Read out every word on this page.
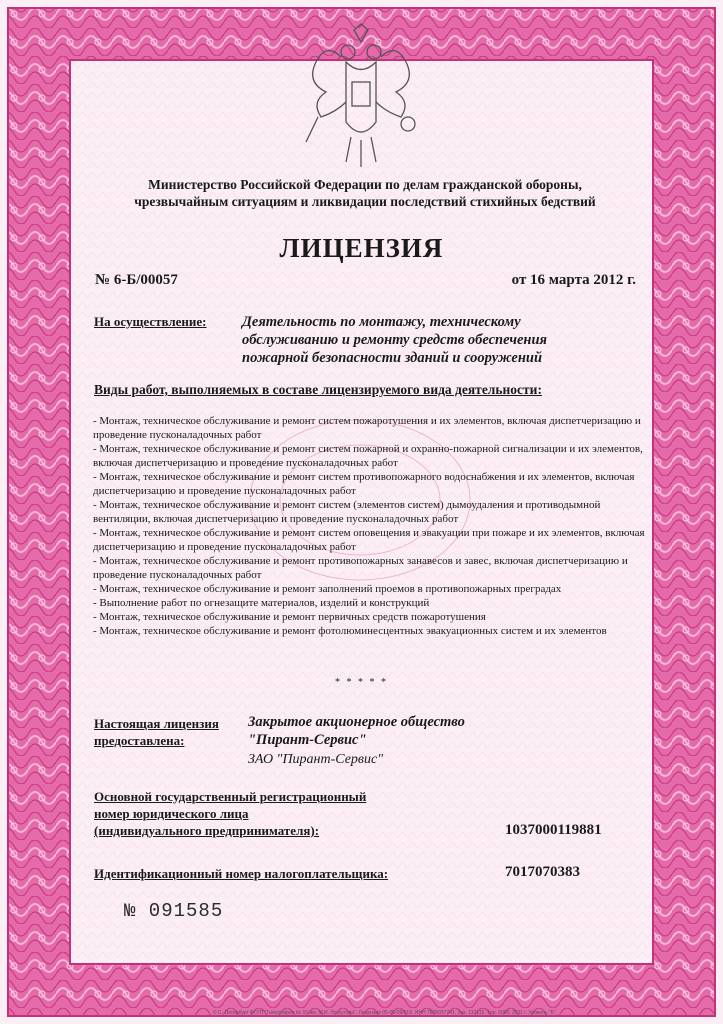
Министерство Российской Федерации по делам гражданской обороны,
чрезвычайным ситуациям и ликвидации последствий стихийных бедствий
ЛИЦЕНЗИЯ
№ 6-Б/00057	от 16 марта 2012 г.
На осуществление: Деятельность по монтажу, техническому
обслуживанию и ремонту средств обеспечения
пожарной безопасности зданий и сооружений
Виды работ, выполняемых в составе лицензируемого вида деятельности:
- Монтаж, техническое обслуживание и ремонт систем пожаротушения и их элементов, включая диспетчеризацию и проведение пусконаладочных работ
- Монтаж, техническое обслуживание и ремонт систем пожарной и охранно-пожарной сигнализации и их элементов, включая диспетчеризацию и проведение пусконаладочных работ
- Монтаж, техническое обслуживание и ремонт систем противопожарного водоснабжения и их элементов, включая диспетчеризацию и проведение пусконаладочных работ
- Монтаж, техническое обслуживание и ремонт систем (элементов систем) дымоудаления и противодымной вентиляции, включая диспетчеризацию и проведение пусконаладочных работ
- Монтаж, техническое обслуживание и ремонт систем оповещения и эвакуации при пожаре и их элементов, включая диспетчеризацию и проведение пусконаладочных работ
- Монтаж, техническое обслуживание и ремонт противопожарных занавесов и завес, включая диспетчеризацию и проведение пусконаладочных работ
- Монтаж, техническое обслуживание и ремонт заполнений проемов в противопожарных преградах
- Выполнение работ по огнезащите материалов, изделий и конструкций
- Монтаж, техническое обслуживание и ремонт первичных средств пожаротушения
- Монтаж, техническое обслуживание и ремонт фотолюминесцентных эвакуационных систем и их элементов
* * * * *
Настоящая лицензия
предоставлена:
Закрытое акционерное общество
"Пирант-Сервис"
ЗАО "Пирант-Сервис"
Основной государственный регистрационный
номер юридического лица
(индивидуального предпринимателя):	1037000119881
Идентификационный номер налогоплательщика:	7017070383
№ 091585
© С.-Петербург ФГУП "Типография № 10 им. М.И. Лоскутова". Лицензия 05-05-09/019. ИНН 7808037741. Зак. 110115. Тир. 0000. 2011 г. Уровень "Б".
